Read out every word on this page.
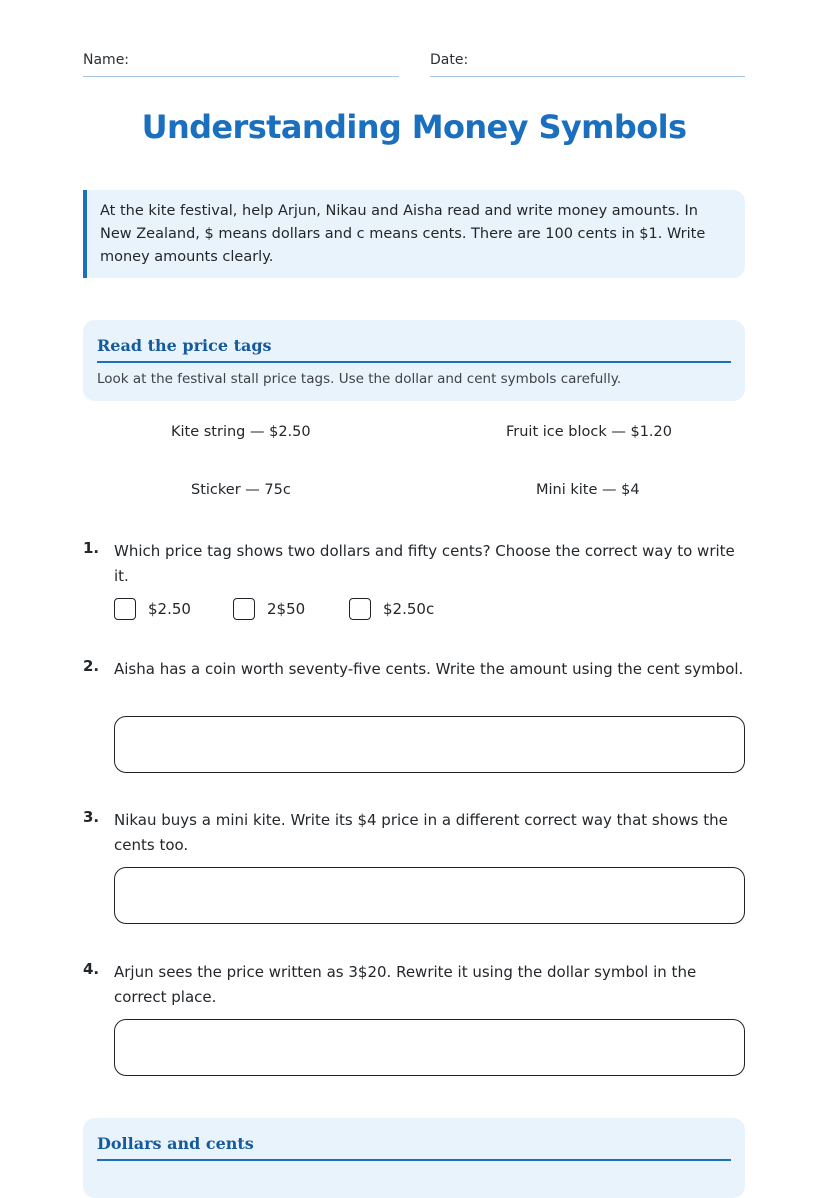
Name:	Date:
Understanding Money Symbols
At the kite festival, help Arjun, Nikau and Aisha read and write money amounts. In New Zealand, $ means dollars and c means cents. There are 100 cents in $1. Write money amounts clearly.
Read the price tags
Look at the festival stall price tags. Use the dollar and cent symbols carefully.
Kite string — $2.50	Fruit ice block — $1.20
Sticker — 75c	Mini kite — $4
1. Which price tag shows two dollars and fifty cents? Choose the correct way to write it.
$2.50	2$50	$2.50c
2. Aisha has a coin worth seventy-five cents. Write the amount using the cent symbol.
3. Nikau buys a mini kite. Write its $4 price in a different correct way that shows the cents too.
4. Arjun sees the price written as 3$20. Rewrite it using the dollar symbol in the correct place.
Dollars and cents
